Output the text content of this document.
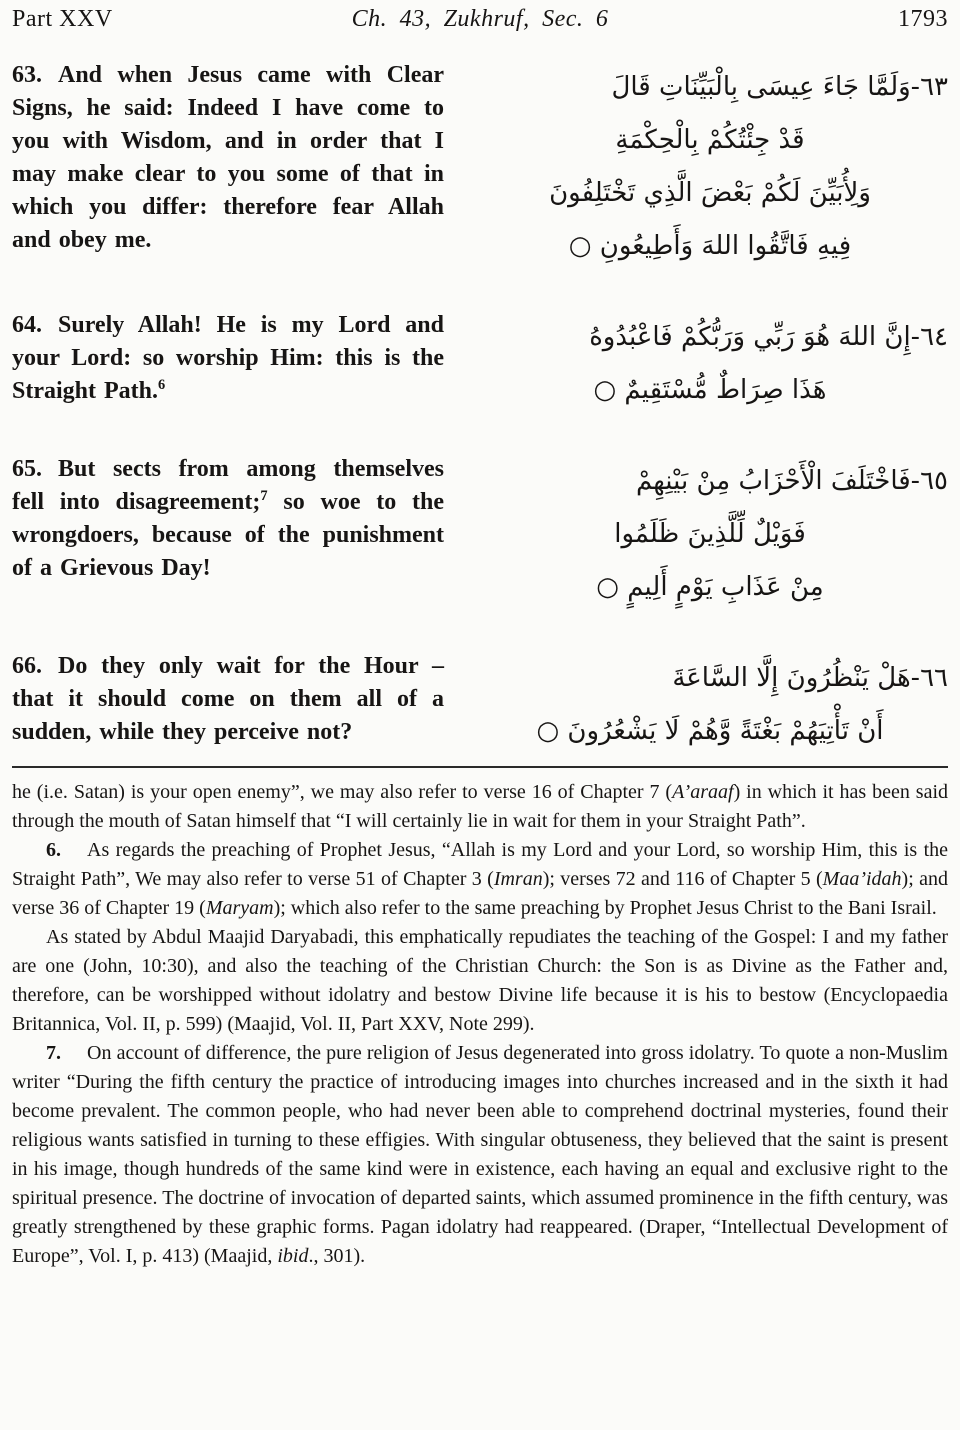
Part XXV	Ch. 43, Zukhruf, Sec. 6	1793

63. And when Jesus came with Clear Signs, he said: Indeed I have come to you with Wisdom, and in order that I may make clear to you some of that in which you differ: therefore fear Allah and obey me.

٦٣-وَلَمَّا جَاءَ عِيسَى بِالْبَيِّنَاتِ قَالَ
قَدْ جِئْتُكُمْ بِالْحِكْمَةِ
وَلِأُبَيِّنَ لَكُمْ بَعْضَ الَّذِي تَخْتَلِفُونَ
فِيهِ فَاتَّقُوا اللهَ وَأَطِيعُونِ ○

64. Surely Allah! He is my Lord and your Lord: so worship Him: this is the Straight Path.$^6$

٦٤-إِنَّ اللهَ هُوَ رَبِّي وَرَبُّكُمْ فَاعْبُدُوهُ
هَذَا صِرَاطٌ مُّسْتَقِيمٌ ○

65. But sects from among themselves fell into disagreement;$^7$ so woe to the wrongdoers, because of the punishment of a Grievous Day!

٦٥-فَاخْتَلَفَ الْأَحْزَابُ مِنْ بَيْنِهِمْ
فَوَيْلٌ لِّلَّذِينَ ظَلَمُوا
مِنْ عَذَابِ يَوْمٍ أَلِيمٍ ○

66. Do they only wait for the Hour – that it should come on them all of a sudden, while they perceive not?

٦٦-هَلْ يَنْظُرُونَ إِلَّا السَّاعَةَ
أَنْ تَأْتِيَهُمْ بَغْتَةً وَّهُمْ لَا يَشْعُرُونَ ○

he (i.e. Satan) is your open enemy”, we may also refer to verse 16 of Chapter 7 (A’araaf) in which it has been said through the mouth of Satan himself that “I will certainly lie in wait for them in your Straight Path”.

6. As regards the preaching of Prophet Jesus, “Allah is my Lord and your Lord, so worship Him, this is the Straight Path”, We may also refer to verse 51 of Chapter 3 (Imran); verses 72 and 116 of Chapter 5 (Maa’idah); and verse 36 of Chapter 19 (Maryam); which also refer to the same preaching by Prophet Jesus Christ to the Bani Israil.

As stated by Abdul Maajid Daryabadi, this emphatically repudiates the teaching of the Gospel: I and my father are one (John, 10:30), and also the teaching of the Christian Church: the Son is as Divine as the Father and, therefore, can be worshipped without idolatry and bestow Divine life because it is his to bestow (Encyclopaedia Britannica, Vol. II, p. 599) (Maajid, Vol. II, Part XXV, Note 299).

7. On account of difference, the pure religion of Jesus degenerated into gross idolatry. To quote a non-Muslim writer “During the fifth century the practice of introducing images into churches increased and in the sixth it had become prevalent. The common people, who had never been able to comprehend doctrinal mysteries, found their religious wants satisfied in turning to these effigies. With singular obtuseness, they believed that the saint is present in his image, though hundreds of the same kind were in existence, each having an equal and exclusive right to the spiritual presence. The doctrine of invocation of departed saints, which assumed prominence in the fifth century, was greatly strengthened by these graphic forms. Pagan idolatry had reappeared. (Draper, “Intellectual Development of Europe”, Vol. I, p. 413) (Maajid, ibid., 301).
